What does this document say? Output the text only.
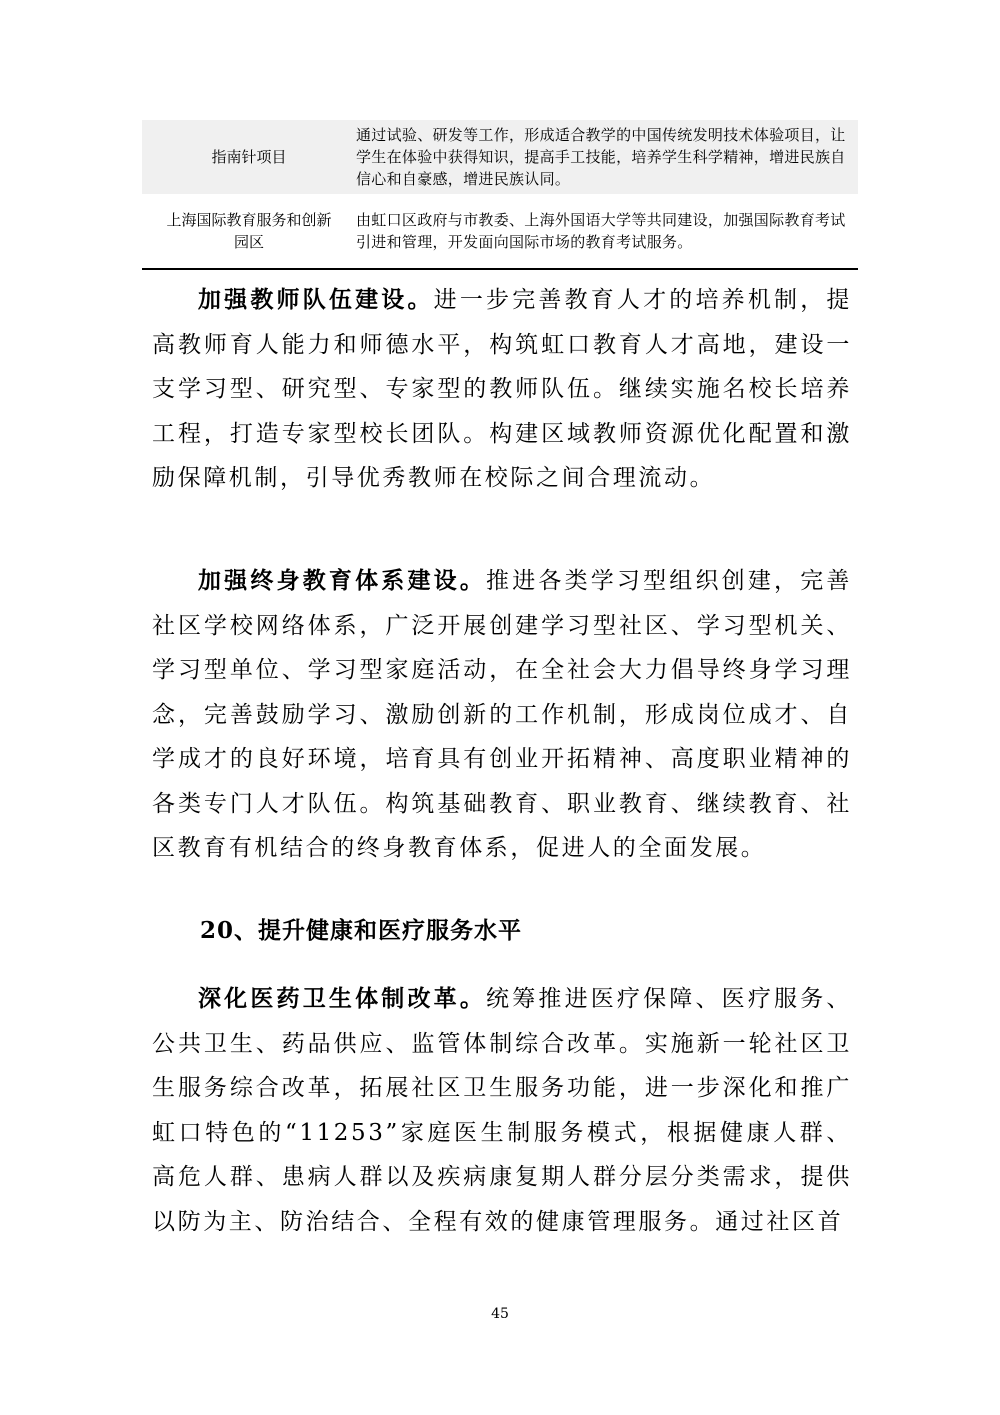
指南针项目
通过试验、研发等工作，形成适合教学的中国传统发明技术体验项目，让学生在体验中获得知识，提高手工技能，培养学生科学精神，增进民族自信心和自豪感，增进民族认同。
上海国际教育服务和创新园区
由虹口区政府与市教委、上海外国语大学等共同建设，加强国际教育考试引进和管理，开发面向国际市场的教育考试服务。

加强教师队伍建设。进一步完善教育人才的培养机制，提高教师育人能力和师德水平，构筑虹口教育人才高地，建设一支学习型、研究型、专家型的教师队伍。继续实施名校长培养工程，打造专家型校长团队。构建区域教师资源优化配置和激励保障机制，引导优秀教师在校际之间合理流动。

加强终身教育体系建设。推进各类学习型组织创建，完善社区学校网络体系，广泛开展创建学习型社区、学习型机关、学习型单位、学习型家庭活动，在全社会大力倡导终身学习理念，完善鼓励学习、激励创新的工作机制，形成岗位成才、自学成才的良好环境，培育具有创业开拓精神、高度职业精神的各类专门人才队伍。构筑基础教育、职业教育、继续教育、社区教育有机结合的终身教育体系，促进人的全面发展。

20、提升健康和医疗服务水平

深化医药卫生体制改革。统筹推进医疗保障、医疗服务、公共卫生、药品供应、监管体制综合改革。实施新一轮社区卫生服务综合改革，拓展社区卫生服务功能，进一步深化和推广虹口特色的“11253”家庭医生制服务模式，根据健康人群、高危人群、患病人群以及疾病康复期人群分层分类需求，提供以防为主、防治结合、全程有效的健康管理服务。通过社区首

45
